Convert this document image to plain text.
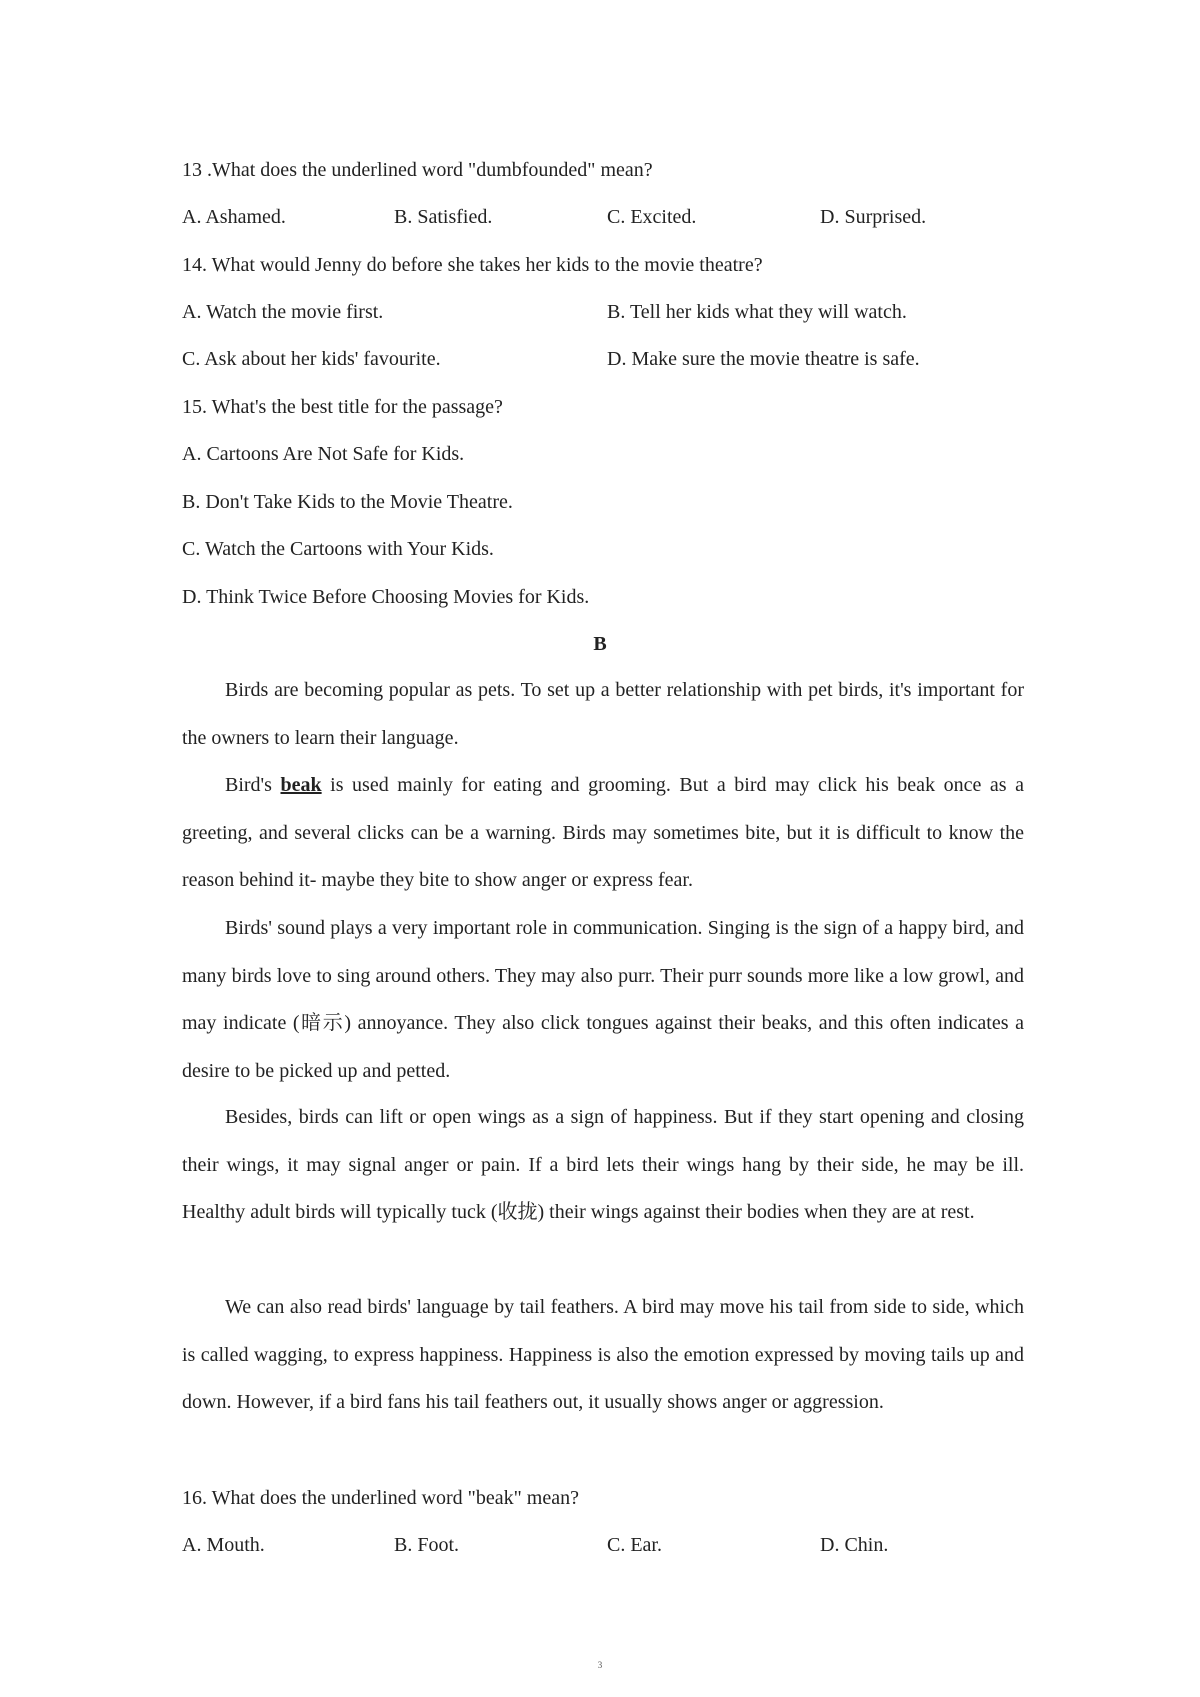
13 .What does the underlined word "dumbfounded" mean?
A. Ashamed.	B. Satisfied.	C. Excited.	D. Surprised.
14. What would Jenny do before she takes her kids to the movie theatre?
A. Watch the movie first.	B. Tell her kids what they will watch.
C. Ask about her kids' favourite.	D. Make sure the movie theatre is safe.
15. What's the best title for the passage?
A. Cartoons Are Not Safe for Kids.
B. Don't Take Kids to the Movie Theatre.
C. Watch the Cartoons with Your Kids.
D. Think Twice Before Choosing Movies for Kids.
B
Birds are becoming popular as pets. To set up a better relationship with pet birds, it's important for the owners to learn their language.
Bird's beak is used mainly for eating and grooming. But a bird may click his beak once as a greeting, and several clicks can be a warning. Birds may sometimes bite, but it is difficult to know the reason behind it- maybe they bite to show anger or express fear.
Birds' sound plays a very important role in communication. Singing is the sign of a happy bird, and many birds love to sing around others. They may also purr. Their purr sounds more like a low growl, and may indicate (暗示) annoyance. They also click tongues against their beaks, and this often indicates a desire to be picked up and petted.
Besides, birds can lift or open wings as a sign of happiness. But if they start opening and closing their wings, it may signal anger or pain. If a bird lets their wings hang by their side, he may be ill. Healthy adult birds will typically tuck (收拢) their wings against their bodies when they are at rest.
We can also read birds' language by tail feathers. A bird may move his tail from side to side, which is called wagging, to express happiness. Happiness is also the emotion expressed by moving tails up and down. However, if a bird fans his tail feathers out, it usually shows anger or aggression.
16. What does the underlined word "beak" mean?
A. Mouth.	B. Foot.	C. Ear.	D. Chin.
3
